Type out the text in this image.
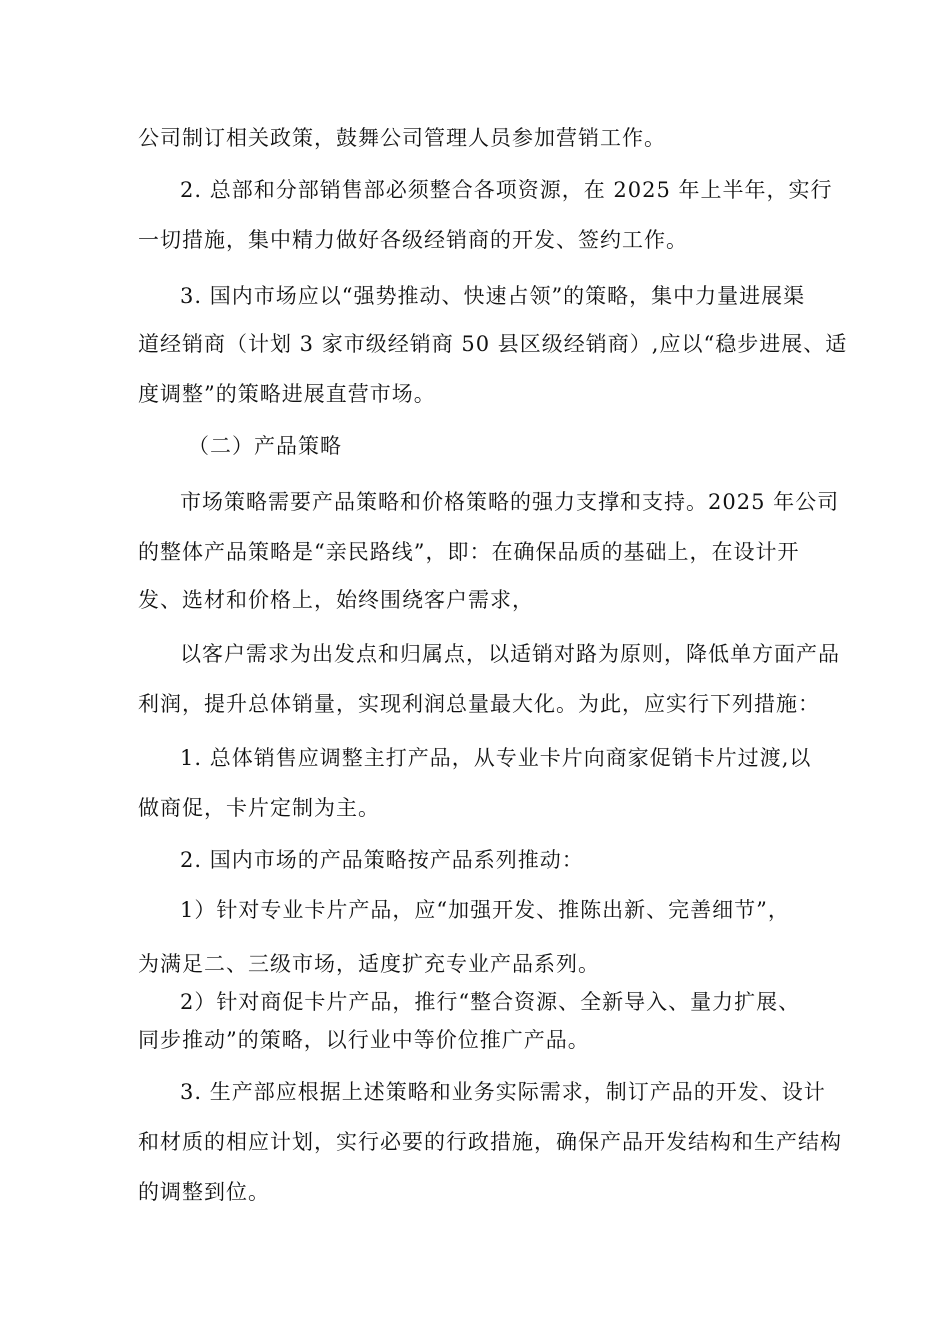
公司制订相关政策，鼓舞公司管理人员参加营销工作。
2. 总部和分部销售部必须整合各项资源，在 2025 年上半年，实行
一切措施，集中精力做好各级经销商的开发、签约工作。
3. 国内市场应以“强势推动、快速占领”的策略，集中力量进展渠
道经销商（计划 3 家市级经销商 50 县区级经销商）,应以“稳步进展、适
度调整”的策略进展直营市场。
（二）产品策略
市场策略需要产品策略和价格策略的强力支撑和支持。2025 年公司
的整体产品策略是“亲民路线”，即：在确保品质的基础上，在设计开
发、选材和价格上，始终围绕客户需求，
以客户需求为出发点和归属点，以适销对路为原则，降低单方面产品
利润，提升总体销量，实现利润总量最大化。为此，应实行下列措施：
1. 总体销售应调整主打产品，从专业卡片向商家促销卡片过渡,以
做商促，卡片定制为主。
2. 国内市场的产品策略按产品系列推动：
1）针对专业卡片产品，应“加强开发、推陈出新、完善细节”，
为满足二、三级市场，适度扩充专业产品系列。
2）针对商促卡片产品，推行“整合资源、全新导入、量力扩展、
同步推动”的策略，以行业中等价位推广产品。
3. 生产部应根据上述策略和业务实际需求，制订产品的开发、设计
和材质的相应计划，实行必要的行政措施，确保产品开发结构和生产结构
的调整到位。
